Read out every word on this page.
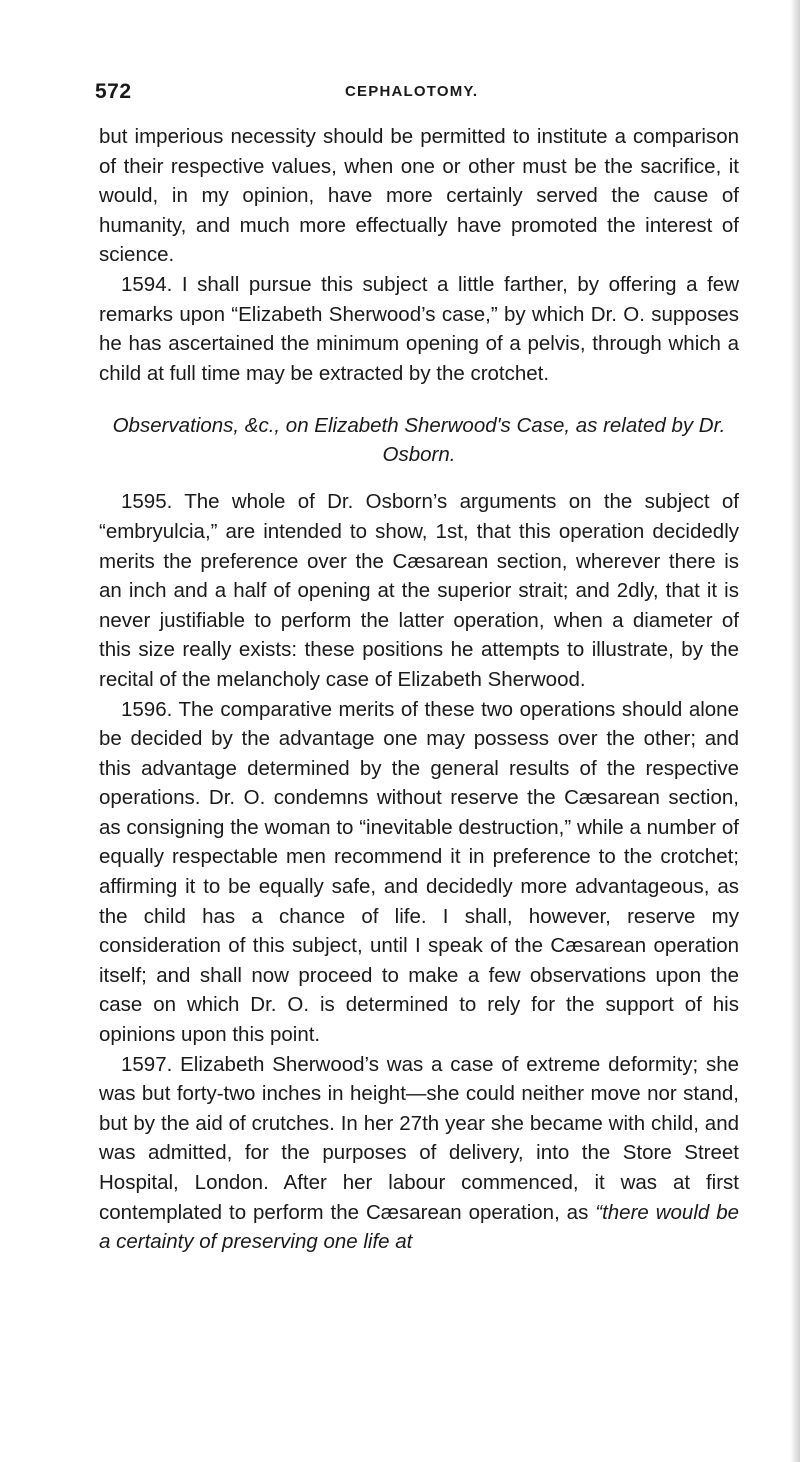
572	CEPHALOTOMY.

but imperious necessity should be permitted to institute a comparison of their respective values, when one or other must be the sacrifice, it would, in my opinion, have more certainly served the cause of humanity, and much more effectually have promoted the interest of science.

1594. I shall pursue this subject a little farther, by offering a few remarks upon “Elizabeth Sherwood’s case,” by which Dr. O. supposes he has ascertained the minimum opening of a pelvis, through which a child at full time may be extracted by the crotchet.

Observations, &c., on Elizabeth Sherwood's Case, as related by Dr. Osborn.

1595. The whole of Dr. Osborn’s arguments on the subject of “embryulcia,” are intended to show, 1st, that this operation decidedly merits the preference over the Cæsarean section, wherever there is an inch and a half of opening at the superior strait; and 2dly, that it is never justifiable to perform the latter operation, when a diameter of this size really exists: these positions he attempts to illustrate, by the recital of the melancholy case of Elizabeth Sherwood.

1596. The comparative merits of these two operations should alone be decided by the advantage one may possess over the other; and this advantage determined by the general results of the respective operations. Dr. O. condemns without reserve the Cæsarean section, as consigning the woman to “inevitable destruction,” while a number of equally respectable men recommend it in preference to the crotchet; affirming it to be equally safe, and decidedly more advantageous, as the child has a chance of life. I shall, however, reserve my consideration of this subject, until I speak of the Cæsarean operation itself; and shall now proceed to make a few observations upon the case on which Dr. O. is determined to rely for the support of his opinions upon this point.

1597. Elizabeth Sherwood’s was a case of extreme deformity; she was but forty-two inches in height—she could neither move nor stand, but by the aid of crutches. In her 27th year she became with child, and was admitted, for the purposes of delivery, into the Store Street Hospital, London. After her labour commenced, it was at first contemplated to perform the Cæsarean operation, as “there would be a certainty of preserving one life at
